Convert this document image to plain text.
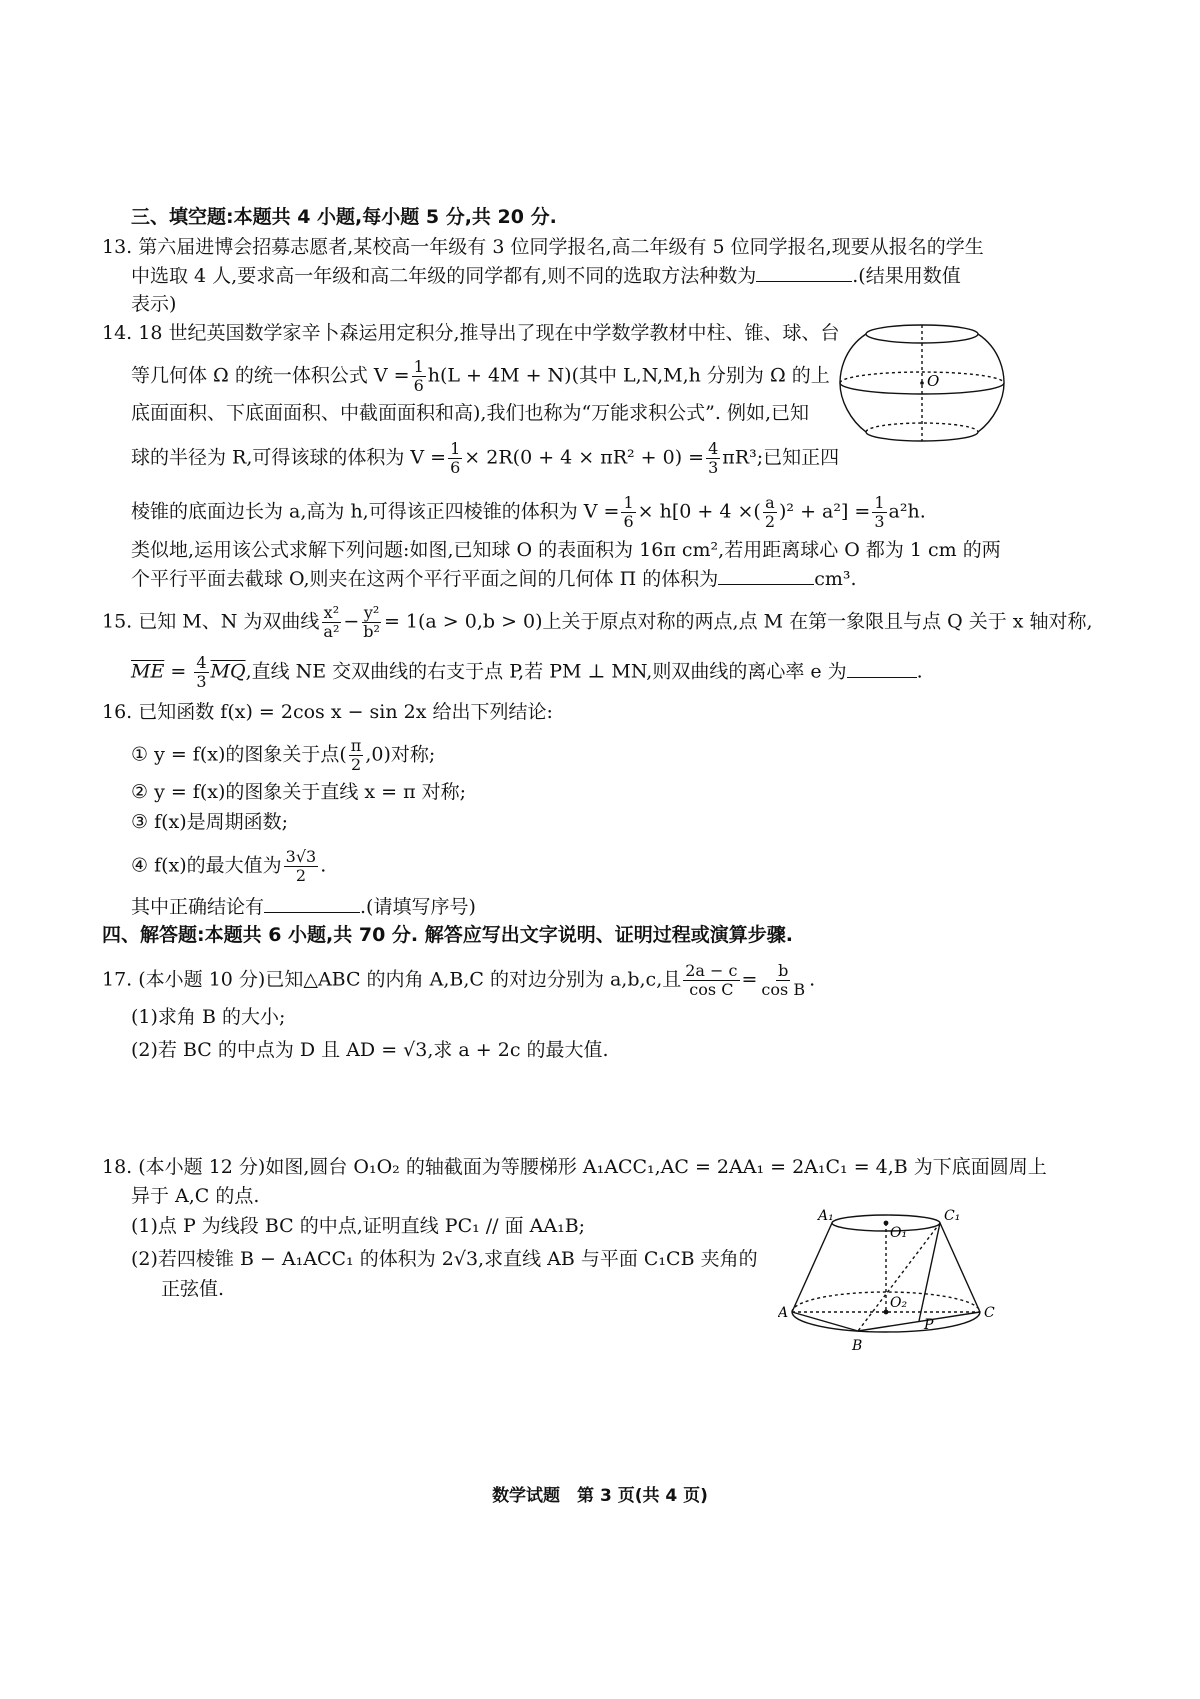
三、填空题:本题共 4 小题,每小题 5 分,共 20 分.
13. 第六届进博会招募志愿者,某校高一年级有 3 位同学报名,高二年级有 5 位同学报名,现要从报名的学生
中选取 4 人,要求高一年级和高二年级的同学都有,则不同的选取方法种数为	.(结果用数值
表示)
14. 18 世纪英国数学家辛卜森运用定积分,推导出了现在中学数学教材中柱、锥、球、台
等几何体 Ω 的统一体积公式 $V = \frac{1}{6} h(L + 4M + N)$(其中 L,N,M,h 分别为 Ω 的上
底面面积、下底面面积、中截面面积和高),我们也称为“万能求积公式”. 例如,已知
球的半径为 R,可得该球的体积为 $V = \frac{1}{6} \times 2R(0 + 4 \times \pi R^2 + 0) = \frac{4}{3} \pi R^3$;已知正四
棱锥的底面边长为 a,高为 h,可得该正四棱锥的体积为 $V = \frac{1}{6} \times h[0 + 4$ ×( $\frac{a}{2} )^2 + a^2] = \frac{1}{3} a^2h$.
类似地,运用该公式求解下列问题:如图,已知球 O 的表面积为 16π cm²,若用距离球心 O 都为 1 cm 的两
个平行平面去截球 O,则夹在这两个平行平面之间的几何体 Π 的体积为	cm³.
O
15. 已知 M、N 为双曲线 $\frac{\text{x²}}{\text{a²}} - \frac{\text{y²}}{\text{b²}} = 1(a > 0,b > 0)$上关于原点对称的两点,点 M 在第一象限且与点 Q 关于 x 轴对称,
$\overline{ME} = \frac{4}{3} \overline{MQ}$,直线 NE 交双曲线的右支于点 P,若 PM ⊥ MN,则双曲线的离心率 e 为	.
16. 已知函数 f(x) = 2cos x − sin 2x 给出下列结论:
① y = f(x)的图象关于点( $\frac{\pi}{2} ,0$)对称;
② y = f(x)的图象关于直线 x = π 对称;
③ f(x)是周期函数;
④ f(x)的最大值为 $\frac{3√3}{2}$ .
其中正确结论有	.(请填写序号)
四、解答题:本题共 6 小题,共 70 分. 解答应写出文字说明、证明过程或演算步骤.
17. (本小题 10 分)已知△ABC 的内角 A,B,C 的对边分别为 a,b,c,且 $\frac{2a - c}{\text{cos C}} = \frac{b}{\text{cos B}}$ .
(1)求角 B 的大小;
(2)若 BC 的中点为 D 且 AD = √3,求 a + 2c 的最大值.
18. (本小题 12 分)如图,圆台 O₁O₂ 的轴截面为等腰梯形 A₁ACC₁,AC = 2AA₁ = 2A₁C₁ = 4,B 为下底面圆周上
异于 A,C 的点.
(1)点 P 为线段 BC 的中点,证明直线 PC₁ // 面 AA₁B;
(2)若四棱锥 B − A₁ACC₁ 的体积为 2√3,求直线 AB 与平面 C₁CB 夹角的
正弦值.
A₁
O₁
C₁
O₂
A	C
P
B
数学试题　第 3 页(共 4 页)
